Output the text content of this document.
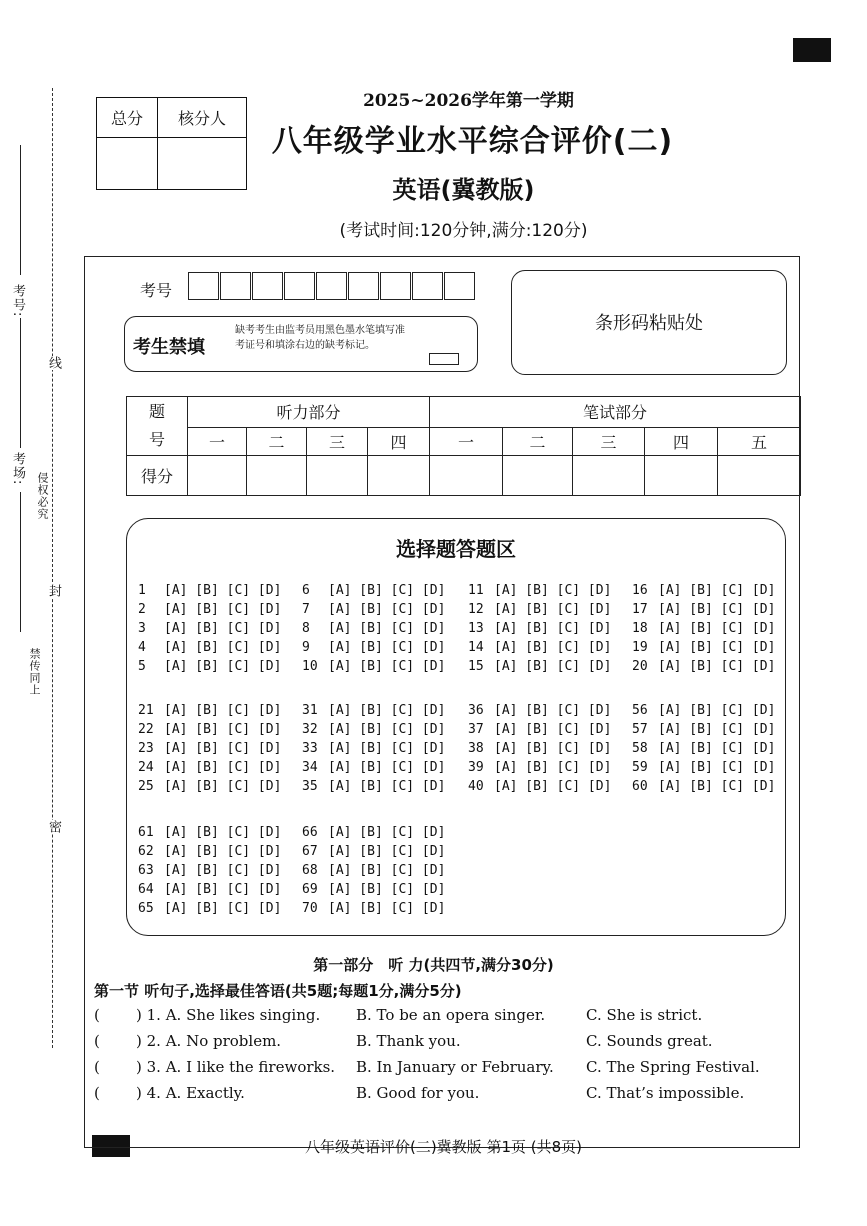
考号:
考场:
线
侵权必究
封
禁传同上
密
总分	核分人

2025~2026学年第一学期
八年级学业水平综合评价(二)
英语(冀教版)
(考试时间:120分钟,满分:120分)
考号
考生禁填
缺考考生由监考员用黑色墨水笔填写准考证号和填涂右边的缺考标记。
条形码粘贴处
题
号	听力部分				笔试部分				
	一	二	三	四	一	二	三	四	五
得分									
选择题答题区
1 [A] [B] [C] [D]
2 [A] [B] [C] [D]
3 [A] [B] [C] [D]
4 [A] [B] [C] [D]
5 [A] [B] [C] [D]
6 [A] [B] [C] [D]
7 [A] [B] [C] [D]
8 [A] [B] [C] [D]
9 [A] [B] [C] [D]
10 [A] [B] [C] [D]
11 [A] [B] [C] [D]
12 [A] [B] [C] [D]
13 [A] [B] [C] [D]
14 [A] [B] [C] [D]
15 [A] [B] [C] [D]
16 [A] [B] [C] [D]
17 [A] [B] [C] [D]
18 [A] [B] [C] [D]
19 [A] [B] [C] [D]
20 [A] [B] [C] [D]
21 [A] [B] [C] [D]
22 [A] [B] [C] [D]
23 [A] [B] [C] [D]
24 [A] [B] [C] [D]
25 [A] [B] [C] [D]
31 [A] [B] [C] [D]
32 [A] [B] [C] [D]
33 [A] [B] [C] [D]
34 [A] [B] [C] [D]
35 [A] [B] [C] [D]
36 [A] [B] [C] [D]
37 [A] [B] [C] [D]
38 [A] [B] [C] [D]
39 [A] [B] [C] [D]
40 [A] [B] [C] [D]
56 [A] [B] [C] [D]
57 [A] [B] [C] [D]
58 [A] [B] [C] [D]
59 [A] [B] [C] [D]
60 [A] [B] [C] [D]
61 [A] [B] [C] [D]
62 [A] [B] [C] [D]
63 [A] [B] [C] [D]
64 [A] [B] [C] [D]
65 [A] [B] [C] [D]
66 [A] [B] [C] [D]
67 [A] [B] [C] [D]
68 [A] [B] [C] [D]
69 [A] [B] [C] [D]
70 [A] [B] [C] [D]
第一部分　听 力(共四节,满分30分)
第一节 听句子,选择最佳答语(共5题;每题1分,满分5分)
( ) 1. A. She likes singing. B. To be an opera singer.	C. She is strict.
( ) 2. A. No problem.	B. Thank you.	C. Sounds great.
( ) 3. A. I like the fireworks. B. In January or February. C. The Spring Festival.
( ) 4. A. Exactly.	B. Good for you.	C. That’s impossible.
八年级英语评价(二)冀教版 第1页 (共8页)
